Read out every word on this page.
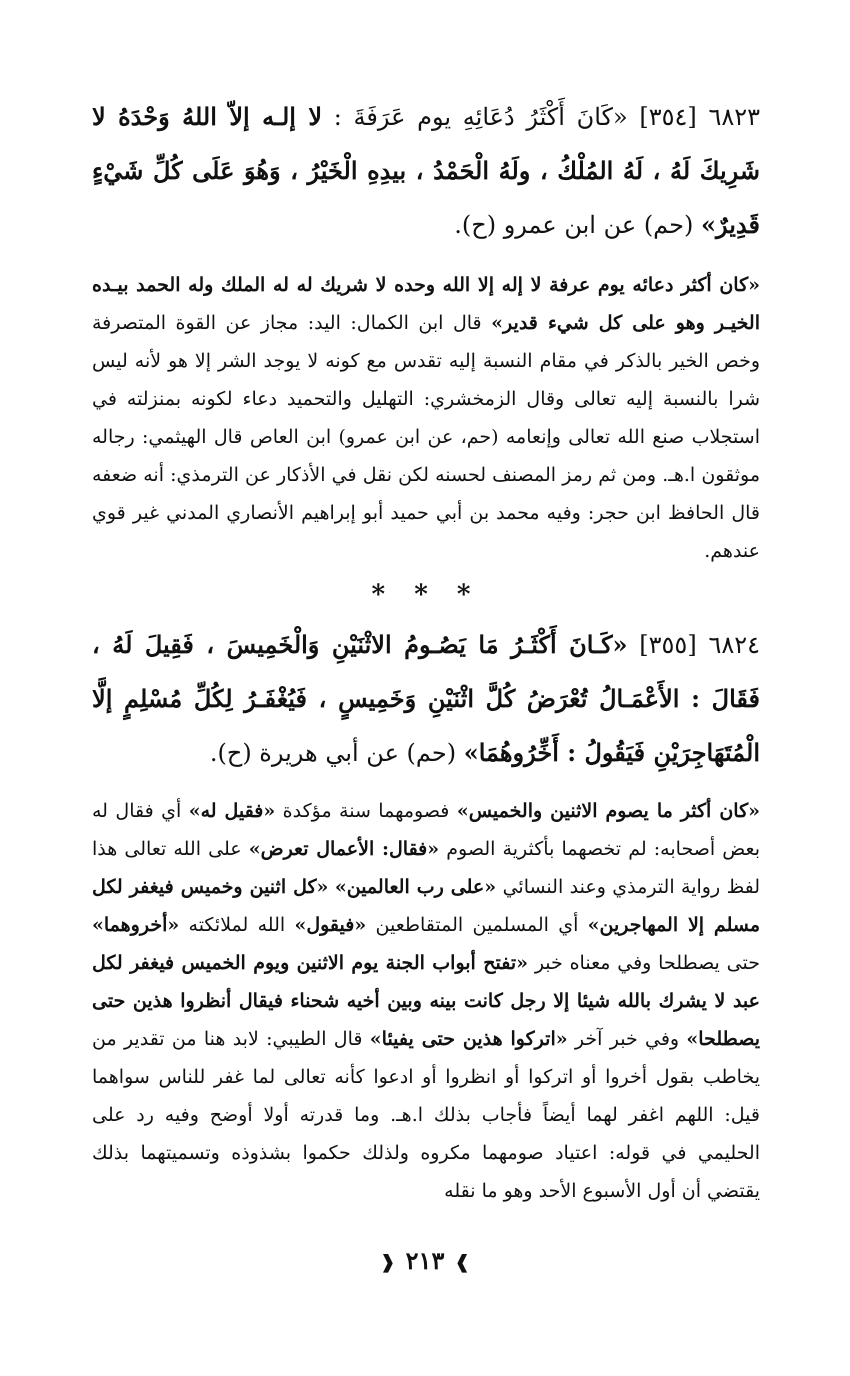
٦٨٢٣ [٣٥٤] «كَانَ أَكْثَرُ دُعَائِهِ يوم عَرَفَةَ : لا إلـه إلاّ اللهُ وَحْدَهُ لا شَرِيكَ لَهُ ، لَهُ المُلْكُ ، ولَهُ الْحَمْدُ ، بيدِهِ الْخَيْرُ ، وَهُوَ عَلَى كُلِّ شَيْءٍ قَدِيرٌ» (حم) عن ابن عمرو (ح).

«كان أكثر دعائه يوم عرفة لا إله إلا الله وحده لا شريك له له الملك وله الحمد بيـده الخيـر وهو على كل شيء قدير» قال ابن الكمال: اليد: مجاز عن القوة المتصرفة وخص الخير بالذكر في مقام النسبة إليه تقدس مع كونه لا يوجد الشر إلا هو لأنه ليس شرا بالنسبة إليه تعالى وقال الزمخشري: التهليل والتحميد دعاء لكونه بمنزلته في استجلاب صنع الله تعالى وإنعامه (حم، عن ابن عمرو) ابن العاص قال الهيثمي: رجاله موثقون ا.هـ. ومن ثم رمز المصنف لحسنه لكن نقل في الأذكار عن الترمذي: أنه ضعفه قال الحافظ ابن حجر: وفيه محمد بن أبي حميد أبو إبراهيم الأنصاري المدني غير قوي عندهم.

* * *

٦٨٢٤ [٣٥٥] «كَـانَ أَكْثَـرُ مَا يَصُـومُ الاثْنَيْنِ وَالْخَمِيسَ ، فَقِيلَ لَهُ ، فَقَالَ : الأَعْمَـالُ تُعْرَضُ كُلَّ اثْنَيْنِ وَخَمِيسٍ ، فَيُغْفَـرُ لِكُلِّ مُسْلِمٍ إلَّا الْمُتَهَاجِرَيْنِ فَيَقُولُ : أَخِّرُوهُمَا» (حم) عن أبي هريرة (ح).

«كان أكثر ما يصوم الاثنين والخميس» فصومهما سنة مؤكدة «فقيل له» أي فقال له بعض أصحابه: لم تخصهما بأكثرية الصوم «فقال: الأعمال تعرض» على الله تعالى هذا لفظ رواية الترمذي وعند النسائي «على رب العالمين» «كل اثنين وخميس فيغفر لكل مسلم إلا المهاجرين» أي المسلمين المتقاطعين «فيقول» الله لملائكته «أخروهما» حتى يصطلحا وفي معناه خبر «تفتح أبواب الجنة يوم الاثنين ويوم الخميس فيغفر لكل عبد لا يشرك بالله شيئا إلا رجل كانت بينه وبين أخيه شحناء فيقال أنظروا هذين حتى يصطلحا» وفي خبر آخر «اتركوا هذين حتى يفيئا» قال الطيبي: لابد هنا من تقدير من يخاطب بقول أخروا أو اتركوا أو انظروا أو ادعوا كأنه تعالى لما غفر للناس سواهما قيل: اللهم اغفر لهما أيضاً فأجاب بذلك ا.هـ. وما قدرته أولا أوضح وفيه رد على الحليمي في قوله: اعتياد صومهما مكروه ولذلك حكموا بشذوذه وتسميتهما بذلك يقتضي أن أول الأسبوع الأحد وهو ما نقله

❱ ٢١٣ ❰
